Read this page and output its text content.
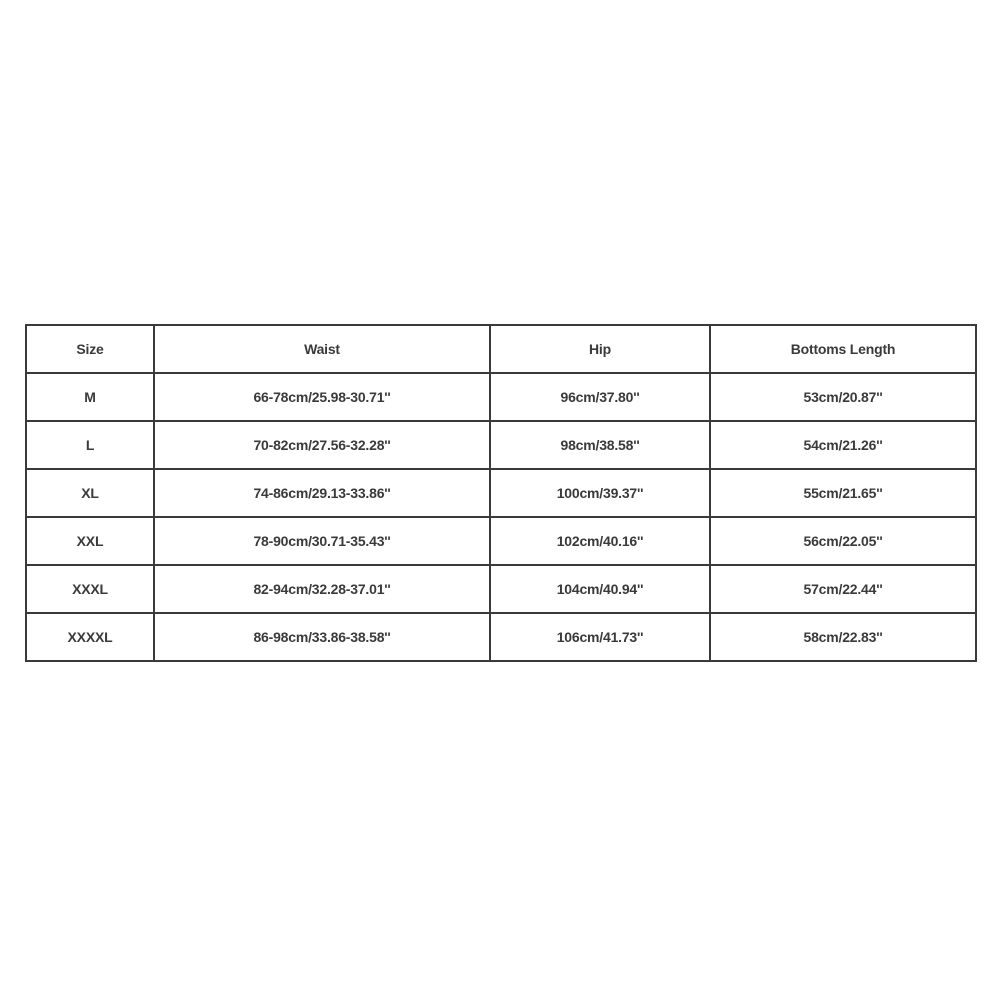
Size	Waist	Hip	Bottoms Length
M	66-78cm/25.98-30.71''	96cm/37.80''	53cm/20.87''
L	70-82cm/27.56-32.28''	98cm/38.58''	54cm/21.26''
XL	74-86cm/29.13-33.86''	100cm/39.37''	55cm/21.65''
XXL	78-90cm/30.71-35.43''	102cm/40.16''	56cm/22.05''
XXXL	82-94cm/32.28-37.01''	104cm/40.94''	57cm/22.44''
XXXXL	86-98cm/33.86-38.58''	106cm/41.73''	58cm/22.83''
